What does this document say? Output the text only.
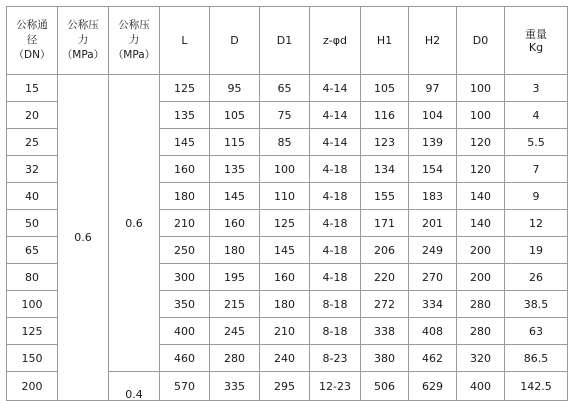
公称通
径
（DN）	公称压
力
（MPa）	公称压
力
（MPa）	L	D	D1	z-φd	H1	H2	D0	重量
Kg
15	0.6	0.6	125	95	65	4-14	105	97	100	3
20			135	105	75	4-14	116	104	100	4
25			145	115	85	4-14	123	139	120	5.5
32			160	135	100	4-18	134	154	120	7
40			180	145	110	4-18	155	183	140	9
50			210	160	125	4-18	171	201	140	12
65			250	180	145	4-18	206	249	200	19
80			300	195	160	4-18	220	270	200	26
100			350	215	180	8-18	272	334	280	38.5
125			400	245	210	8-18	338	408	280	63
150			460	280	240	8-23	380	462	320	86.5
200		0.4	570	335	295	12-23	506	629	400	142.5
